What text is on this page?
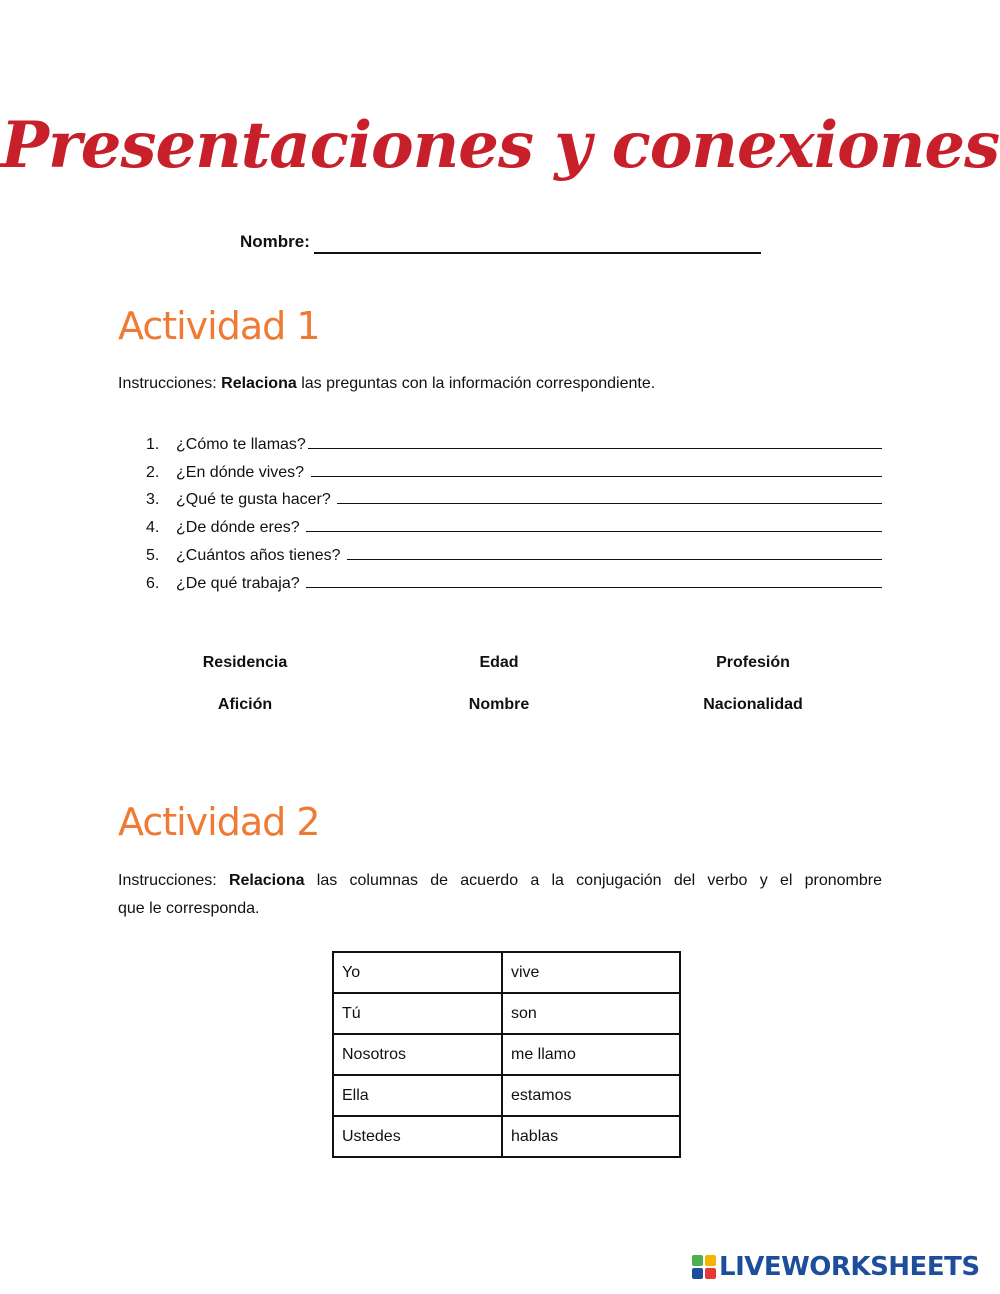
Presentaciones y conexiones
Nombre:
Actividad 1
Instrucciones: Relaciona las preguntas con la información correspondiente.
1.	¿Cómo te llamas?
2.	¿En dónde vives?
3.	¿Qué te gusta hacer?
4.	¿De dónde eres?
5.	¿Cuántos años tienes?
6.	¿De qué trabaja?
Residencia	Edad	Profesión
Afición	Nombre	Nacionalidad
Actividad 2
Instrucciones: Relaciona las columnas de acuerdo a la conjugación del verbo y el pronombre
que le corresponda.
Yo	vive
Tú	son
Nosotros	me llamo
Ella	estamos
Ustedes	hablas
LIVEWORKSHEETS
